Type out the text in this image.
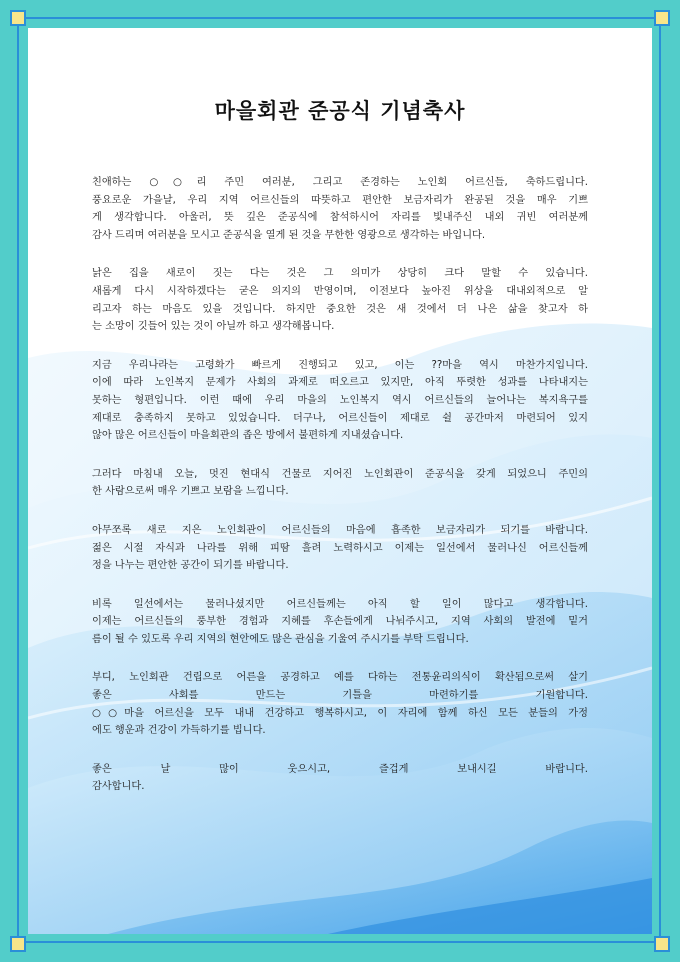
마을회관 준공식 기념축사
친애하는 ○○리 주민 여러분, 그리고 존경하는 노인회 어르신들, 축하드립니다.
풍요로운 가을날, 우리 지역 어르신들의 따뜻하고 편안한 보금자리가 완공된 것을 매우 기쁘
게 생각합니다. 아울러, 뜻 깊은 준공식에 참석하시어 자리를 빛내주신 내외 귀빈 여러분께
감사 드리며 여러분을 모시고 준공식을 열게 된 것을 무한한 영광으로 생각하는 바입니다.
낡은 집을 새로이 짓는 다는 것은 그 의미가 상당히 크다 말할 수 있습니다.
새롭게 다시 시작하겠다는 굳은 의지의 반영이며, 이전보다 높아진 위상을 대내외적으로 알
리고자 하는 마음도 있을 것입니다. 하지만 중요한 것은 새 것에서 더 나은 삶을 찾고자 하
는 소망이 깃들어 있는 것이 아닐까 하고 생각해봅니다.
지금 우리나라는 고령화가 빠르게 진행되고 있고, 이는 ??마을 역시 마찬가지입니다.
이에 따라 노인복지 문제가 사회의 과제로 떠오르고 있지만, 아직 뚜렷한 성과를 나타내지는
못하는 형편입니다. 이런 때에 우리 마을의 노인복지 역시 어르신들의 늘어나는 복지욕구를
제대로 충족하지 못하고 있었습니다. 더구나, 어르신들이 제대로 쉴 공간마저 마련되어 있지
않아 많은 어르신들이 마을회관의 좁은 방에서 불편하게 지내셨습니다.
그러다 마침내 오늘, 멋진 현대식 건물로 지어진 노인회관이 준공식을 갖게 되었으니 주민의
한 사람으로써 매우 기쁘고 보람을 느낍니다.
아무쪼록 새로 지은 노인회관이 어르신들의 마음에 흡족한 보금자리가 되기를 바랍니다.
젊은 시절 자식과 나라를 위해 피땀 흘려 노력하시고 이제는 일선에서 물러나신 어르신들께
정을 나누는 편안한 공간이 되기를 바랍니다.
비록 일선에서는 물러나셨지만 어르신들께는 아직 할 일이 많다고 생각합니다.
이제는 어르신들의 풍부한 경험과 지혜를 후손들에게 나눠주시고, 지역 사회의 발전에 밑거
름이 될 수 있도록 우리 지역의 현안에도 많은 관심을 기울여 주시기를 부탁 드립니다.
부디, 노인회관 건립으로 어른을 공경하고 예를 다하는 전통윤리의식이 확산됨으로써 살기
좋은 사회를 만드는 기틀을 마련하기를 기원합니다.
○○마을 어르신을 모두 내내 건강하고 행복하시고, 이 자리에 함께 하신 모든 분들의 가정
에도 행운과 건강이 가득하기를 빕니다.
좋은 날 많이 웃으시고, 즐겁게 보내시길 바랍니다.
감사합니다.
